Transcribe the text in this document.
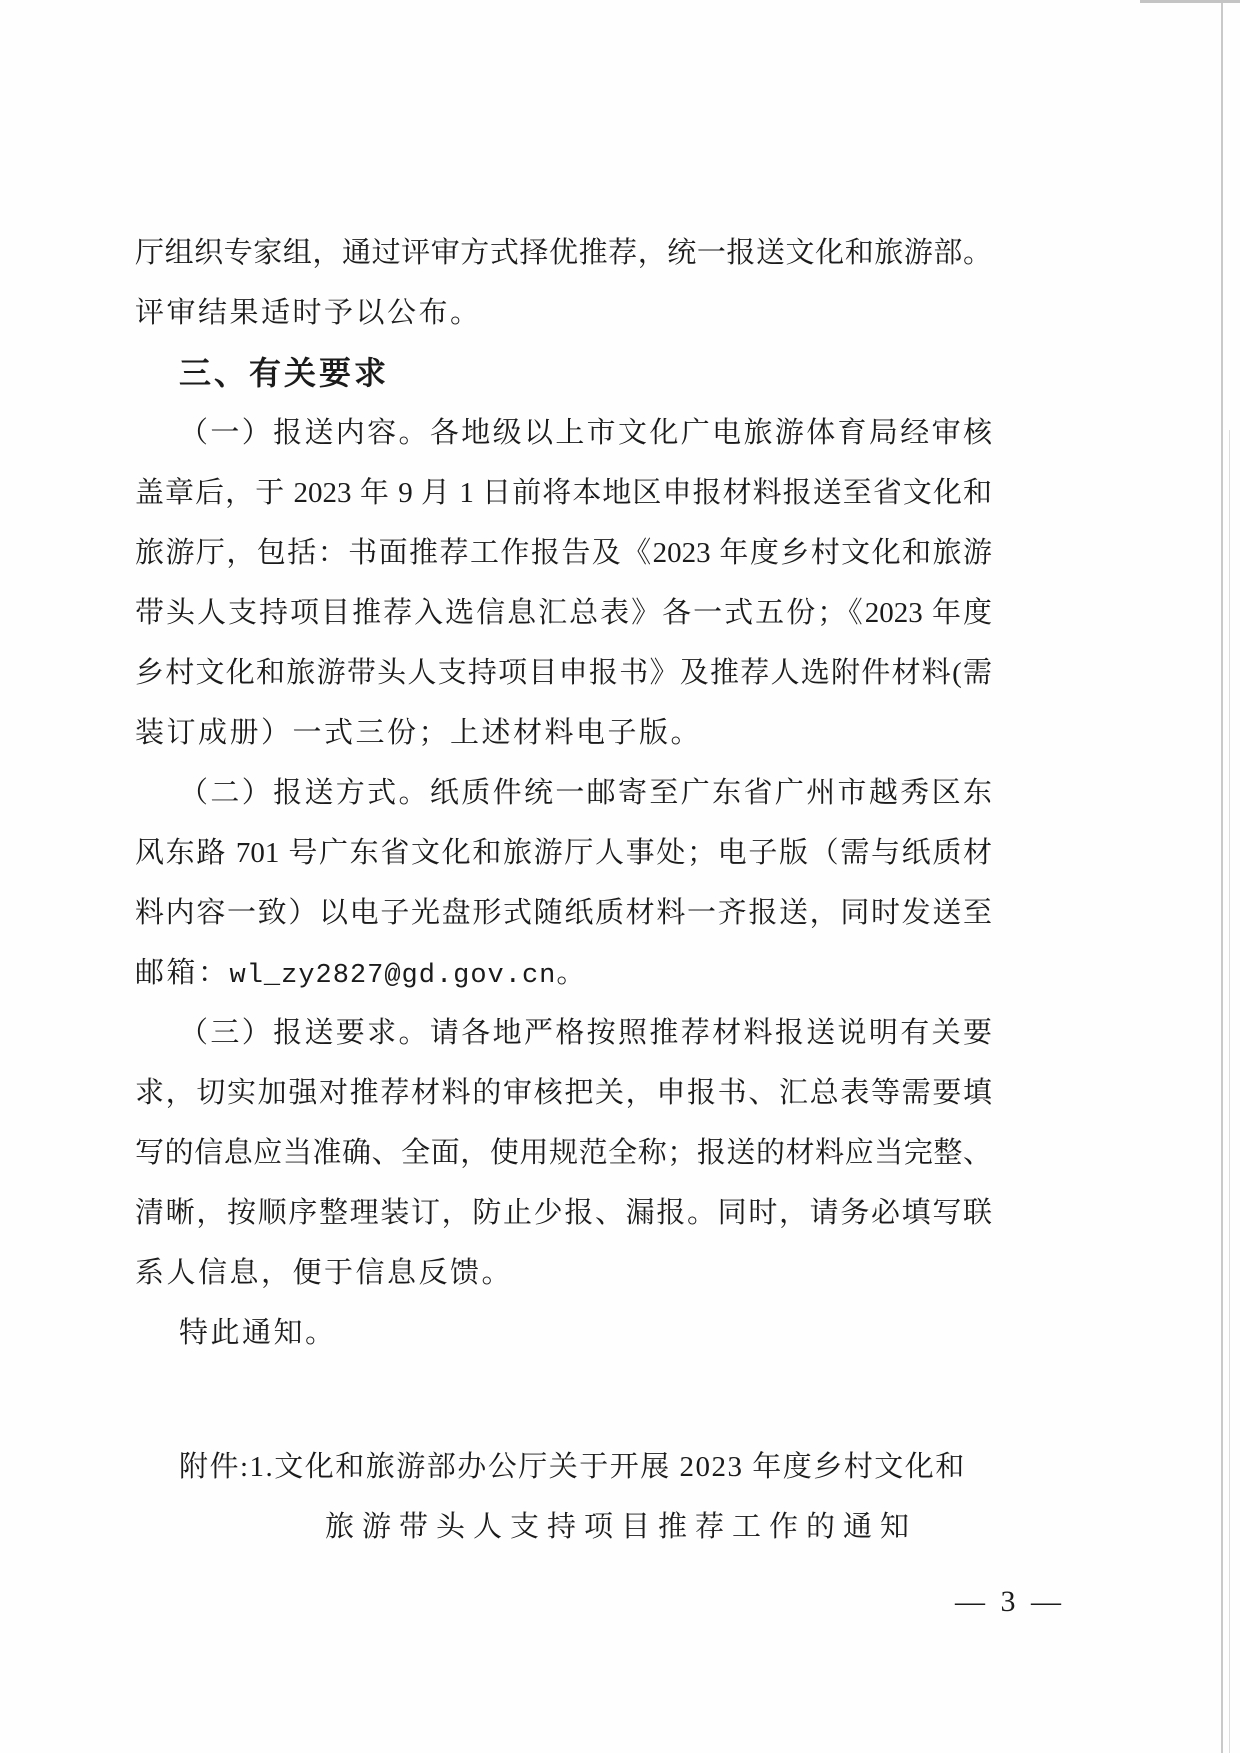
厅组织专家组，通过评审方式择优推荐，统一报送文化和旅游部。
评审结果适时予以公布。
三、有关要求
（一）报送内容。各地级以上市文化广电旅游体育局经审核
盖章后，于 2023 年 9 月 1 日前将本地区申报材料报送至省文化和
旅游厅，包括：书面推荐工作报告及《2023 年度乡村文化和旅游
带头人支持项目推荐入选信息汇总表》各一式五份；《2023 年度
乡村文化和旅游带头人支持项目申报书》及推荐人选附件材料(需
装订成册）一式三份；上述材料电子版。
（二）报送方式。纸质件统一邮寄至广东省广州市越秀区东
风东路 701 号广东省文化和旅游厅人事处；电子版（需与纸质材
料内容一致）以电子光盘形式随纸质材料一齐报送，同时发送至
邮箱：wl_zy2827@gd.gov.cn。
（三）报送要求。请各地严格按照推荐材料报送说明有关要
求，切实加强对推荐材料的审核把关，申报书、汇总表等需要填
写的信息应当准确、全面，使用规范全称；报送的材料应当完整、
清晰，按顺序整理装订，防止少报、漏报。同时，请务必填写联
系人信息，便于信息反馈。
特此通知。
附件:1.文化和旅游部办公厅关于开展 2023 年度乡村文化和
旅游带头人支持项目推荐工作的通知
— 3 —
